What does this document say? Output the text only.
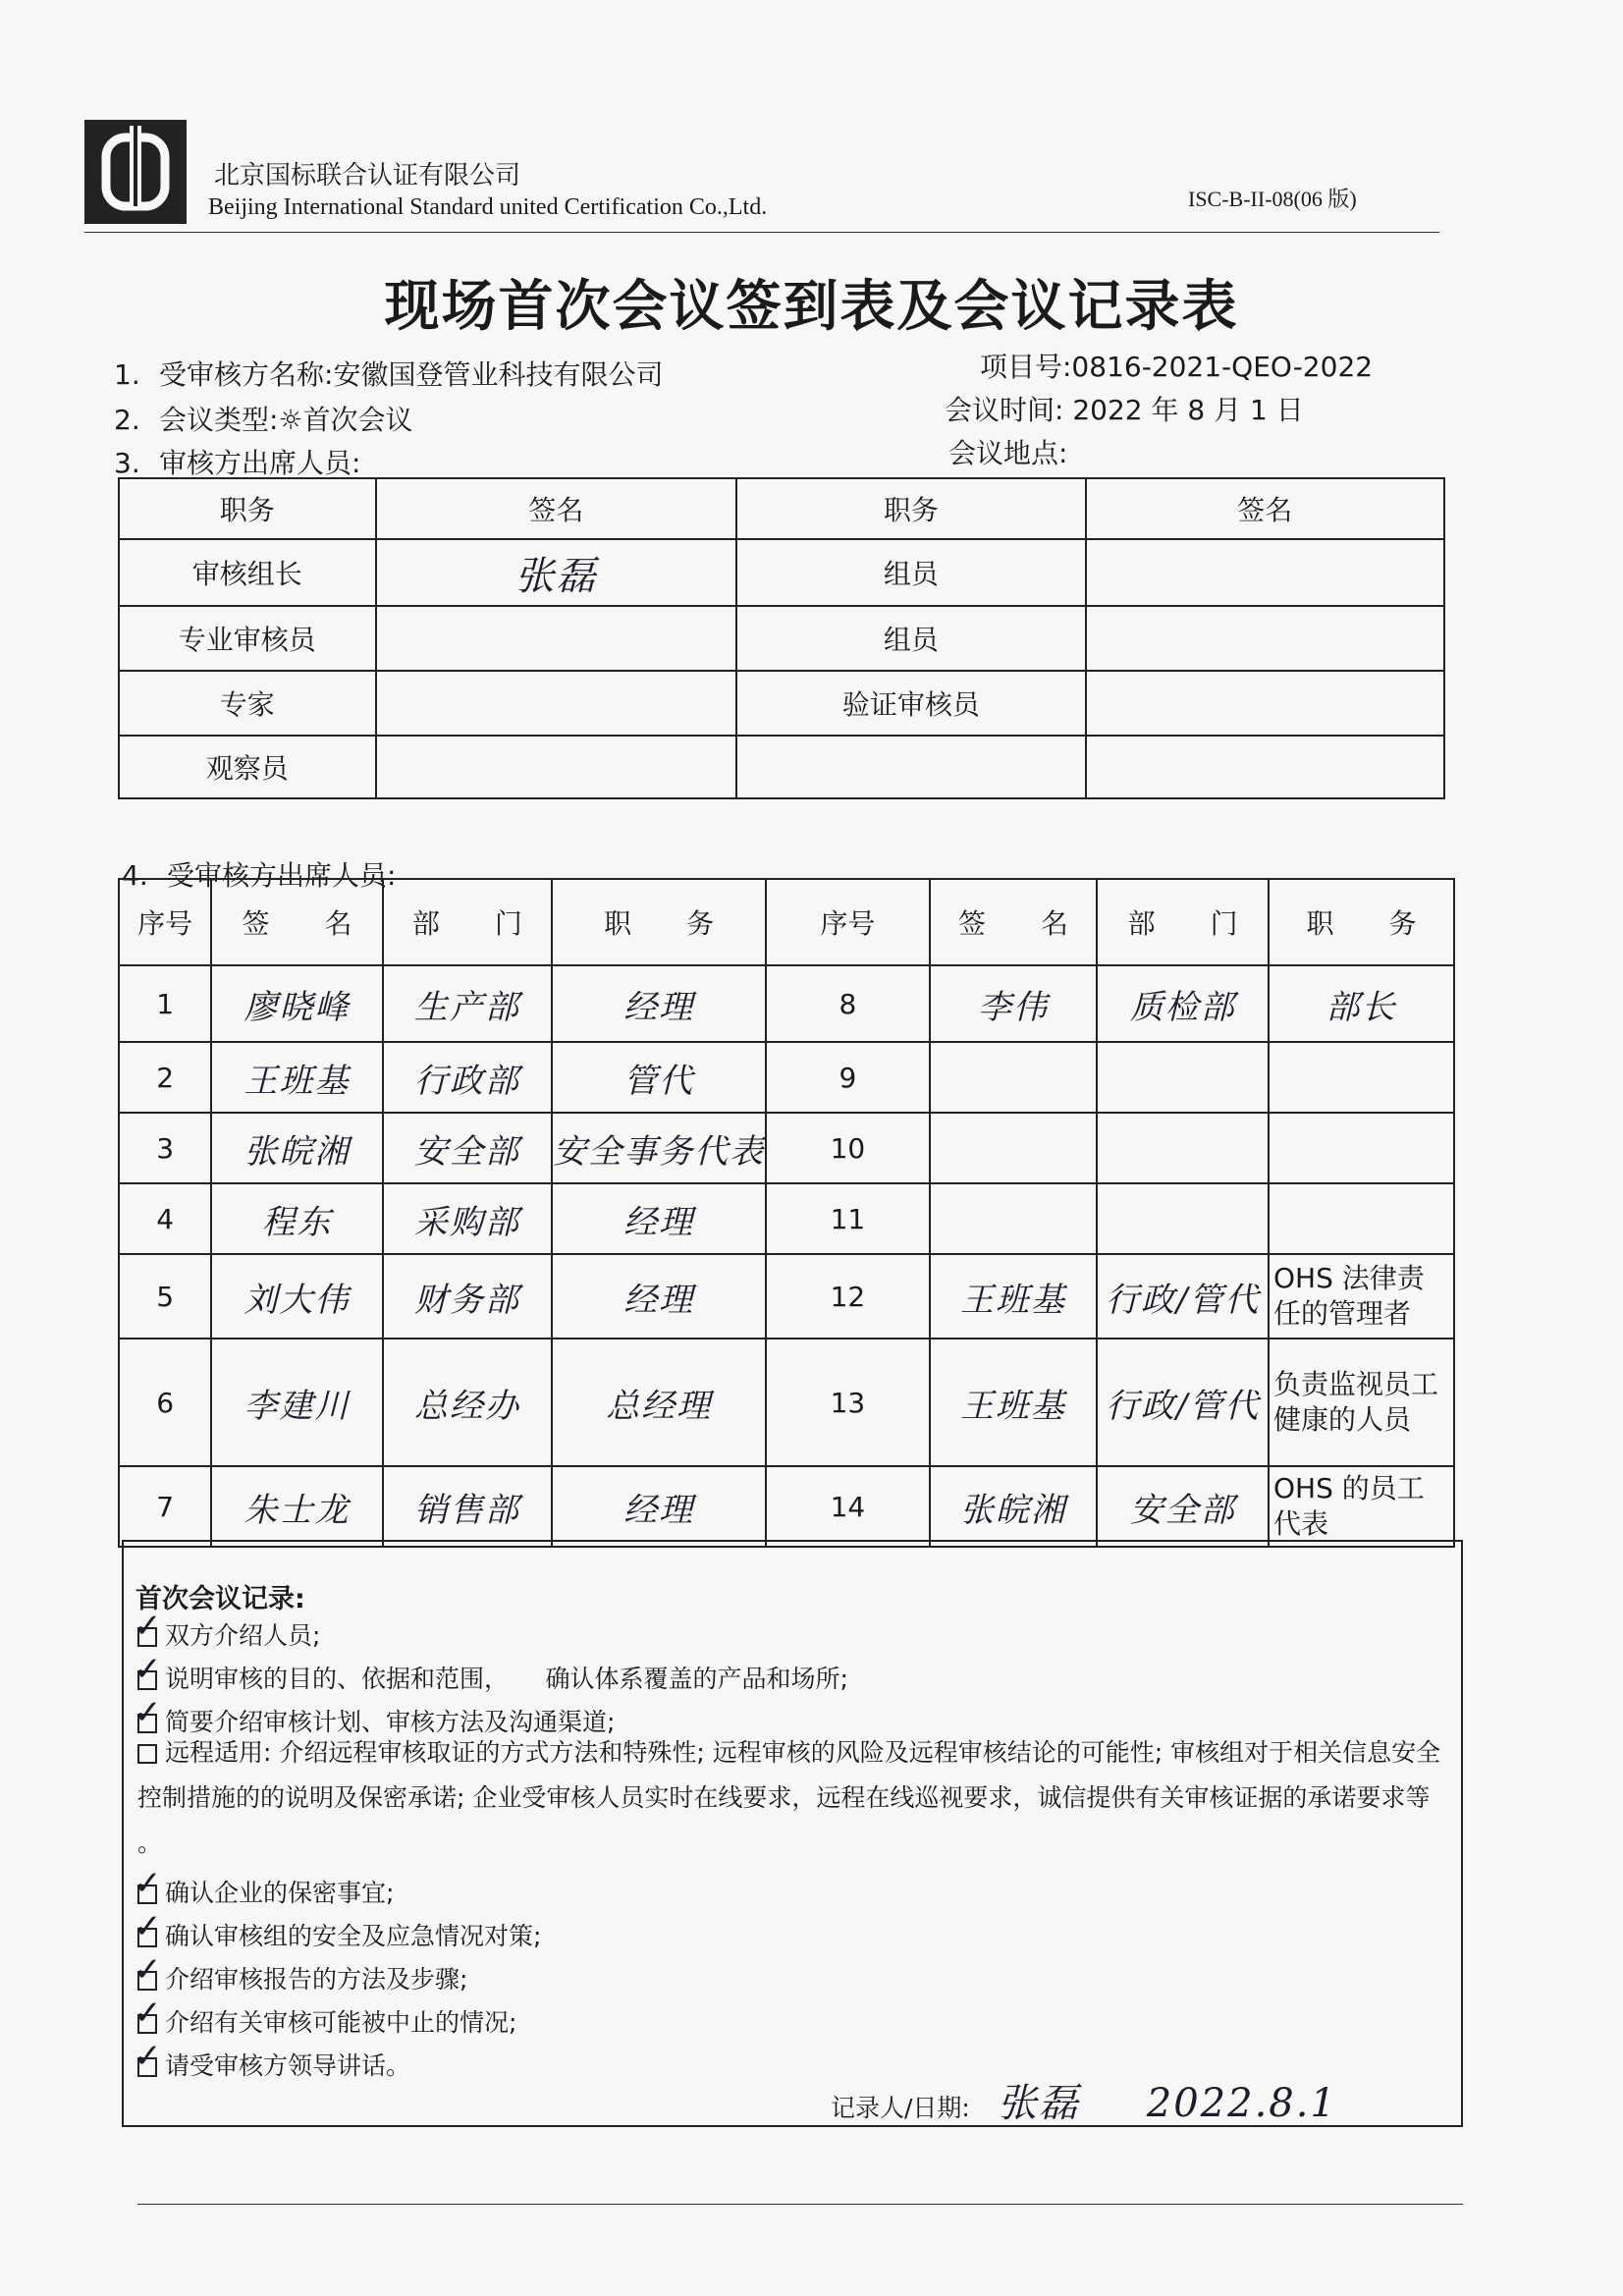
北京国标联合认证有限公司
Beijing International Standard united Certification Co.,Ltd.	ISC-B-II-08(06 版)
现场首次会议签到表及会议记录表
1. 受审核方名称:安徽国登管业科技有限公司
2. 会议类型:☼首次会议
3. 审核方出席人员:
项目号:0816-2021-QEO-2022
会议时间: 2022 年 8 月 1 日
会议地点:
职务	签名	职务	签名
审核组长	张磊	组员	
专业审核员		组员	
专家		验证审核员	
观察员			
4. 受审核方出席人员:
序号	签　　名	部　　门	职　　务	序号	签　　名	部　　门	职　　务
1	廖晓峰	生产部	经理	8	李伟	质检部	部长
2	王班基	行政部	管代	9			
3	张皖湘	安全部	安全事务代表	10			
4	程东	采购部	经理	11			
5	刘大伟	财务部	经理	12	王班基	行政/管代	OHS 法律责任的管理者
6	李建川	总经办	总经理	13	王班基	行政/管代	负责监视员工健康的人员
7	朱士龙	销售部	经理	14	张皖湘	安全部	OHS 的员工代表
首次会议记录:
✓ 双方介绍人员;
✓ 说明审核的目的、依据和范围，　　确认体系覆盖的产品和场所;
✓ 简要介绍审核计划、审核方法及沟通渠道;
远程适用: 介绍远程审核取证的方式方法和特殊性; 远程审核的风险及远程审核结论的可能性; 审核组对于相关信息安全控制措施的的说明及保密承诺; 企业受审核人员实时在线要求，远程在线巡视要求，诚信提供有关审核证据的承诺要求等 。
✓ 确认企业的保密事宜;
✓ 确认审核组的安全及应急情况对策;
✓ 介绍审核报告的方法及步骤;
✓ 介绍有关审核可能被中止的情况;
✓ 请受审核方领导讲话。
记录人/日期: 张磊 2022.8.1
